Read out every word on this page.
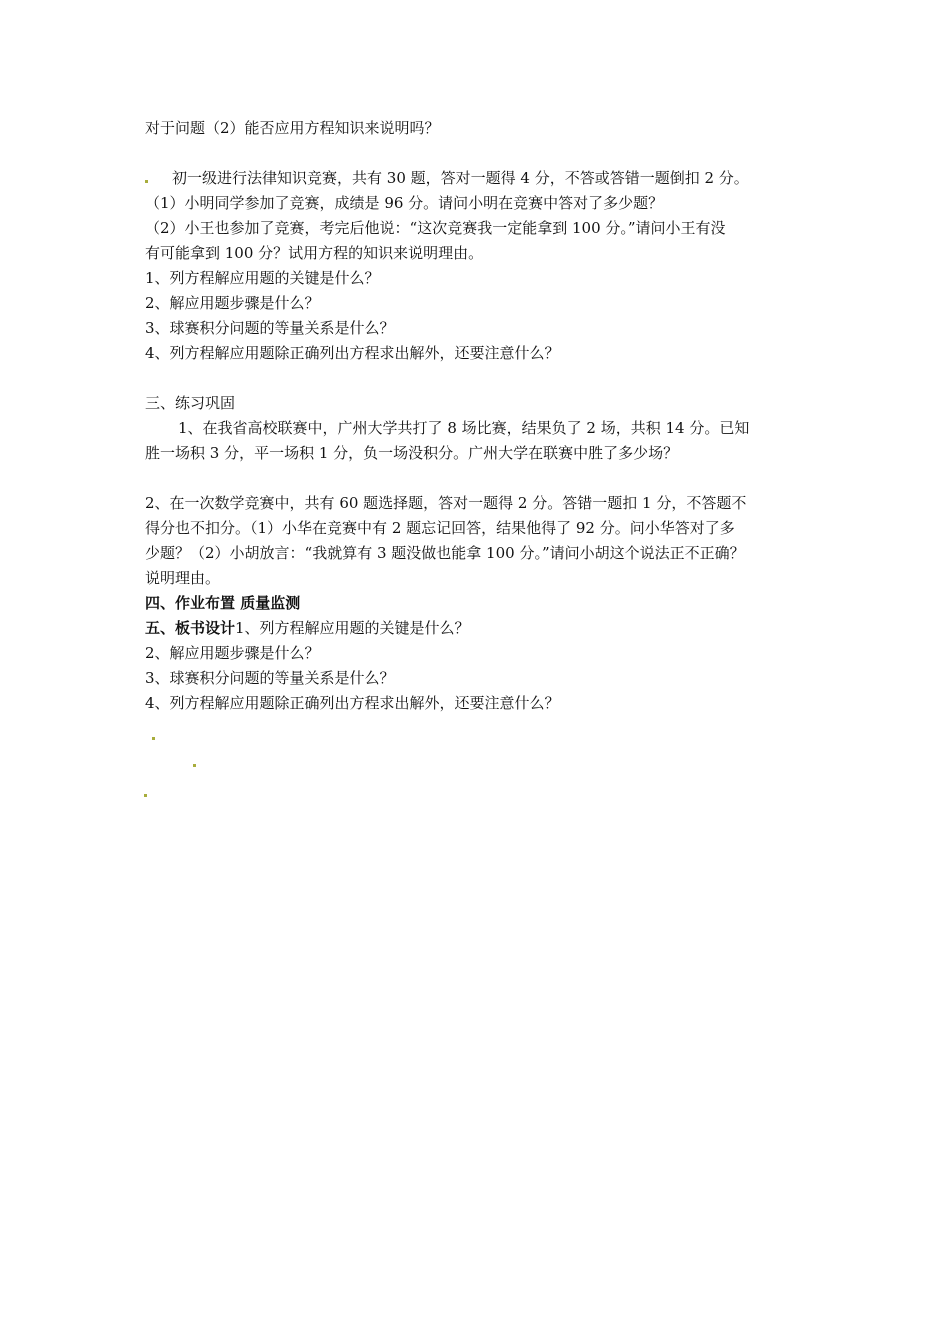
对于问题（2）能否应用方程知识来说明吗？
初一级进行法律知识竞赛，共有 30 题，答对一题得 4 分，不答或答错一题倒扣 2 分。
（1）小明同学参加了竞赛，成绩是 96 分。请问小明在竞赛中答对了多少题？
（2）小王也参加了竞赛，考完后他说：“这次竞赛我一定能拿到 100 分。”请问小王有没
有可能拿到 100 分？试用方程的知识来说明理由。
1、列方程解应用题的关键是什么？
2、解应用题步骤是什么？
3、球赛积分问题的等量关系是什么？
4、列方程解应用题除正确列出方程求出解外，还要注意什么？
三、练习巩固
1、在我省高校联赛中，广州大学共打了 8 场比赛，结果负了 2 场，共积 14 分。已知
胜一场积 3 分，平一场积 1 分，负一场没积分。广州大学在联赛中胜了多少场？
2、在一次数学竞赛中，共有 60 题选择题，答对一题得 2 分。答错一题扣 1 分，不答题不
得分也不扣分。（1）小华在竞赛中有 2 题忘记回答，结果他得了 92 分。问小华答对了多
少题？（2）小胡放言：“我就算有 3 题没做也能拿 100 分。”请问小胡这个说法正不正确？
说明理由。
四、作业布置 质量监测
五、板书设计1、列方程解应用题的关键是什么？
2、解应用题步骤是什么？
3、球赛积分问题的等量关系是什么？
4、列方程解应用题除正确列出方程求出解外，还要注意什么？
